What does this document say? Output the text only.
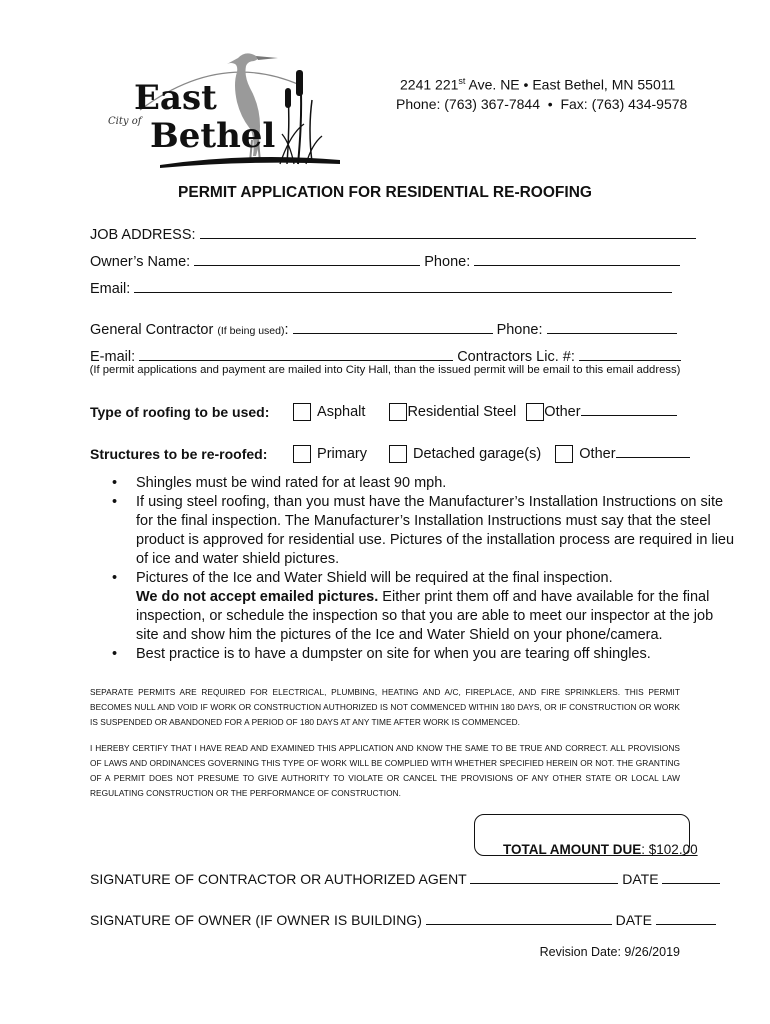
East
City of Bethel
2241 221st Ave. NE • East Bethel, MN 55011
Phone: (763) 367-7844  •  Fax: (763) 434-9578
PERMIT APPLICATION FOR RESIDENTIAL RE-ROOFING
JOB ADDRESS:
Owner’s Name:	Phone:
Email:
General Contractor (If being used):	Phone:
E-mail:	Contractors Lic. #:
(If permit applications and payment are mailed into City Hall, than the issued permit will be email to this email address)
Type of roofing to be used:	Asphalt	Residential Steel Other
Structures to be re-roofed:	Primary	Detached garage(s)	Other
• Shingles must be wind rated for at least 90 mph.
• If using steel roofing, than you must have the Manufacturer’s Installation Instructions on site for the final inspection. The Manufacturer’s Installation Instructions must say that the steel product is approved for residential use. Pictures of the installation process are required in lieu of ice and water shield pictures.
• Pictures of the Ice and Water Shield will be required at the final inspection.
We do not accept emailed pictures. Either print them off and have available for the final inspection, or schedule the inspection so that you are able to meet our inspector at the job site and show him the pictures of the Ice and Water Shield on your phone/camera.
• Best practice is to have a dumpster on site for when you are tearing off shingles.
SEPARATE PERMITS ARE REQUIRED FOR ELECTRICAL, PLUMBING, HEATING AND A/C, FIREPLACE, AND FIRE SPRINKLERS. THIS PERMIT BECOMES NULL AND VOID IF WORK OR CONSTRUCTION AUTHORIZED IS NOT COMMENCED WITHIN 180 DAYS, OR IF CONSTRUCTION OR WORK IS SUSPENDED OR ABANDONED FOR A PERIOD OF 180 DAYS AT ANY TIME AFTER WORK IS COMMENCED.
I HEREBY CERTIFY THAT I HAVE READ AND EXAMINED THIS APPLICATION AND KNOW THE SAME TO BE TRUE AND CORRECT. ALL PROVISIONS OF LAWS AND ORDINANCES GOVERNING THIS TYPE OF WORK WILL BE COMPLIED WITH WHETHER SPECIFIED HEREIN OR NOT. THE GRANTING OF A PERMIT DOES NOT PRESUME TO GIVE AUTHORITY TO VIOLATE OR CANCEL THE PROVISIONS OF ANY OTHER STATE OR LOCAL LAW REGULATING CONSTRUCTION OR THE PERFORMANCE OF CONSTRUCTION.

TOTAL AMOUNT DUE: $102.00

SIGNATURE OF CONTRACTOR OR AUTHORIZED AGENT	DATE
SIGNATURE OF OWNER (IF OWNER IS BUILDING)	DATE
Revision Date: 9/26/2019
